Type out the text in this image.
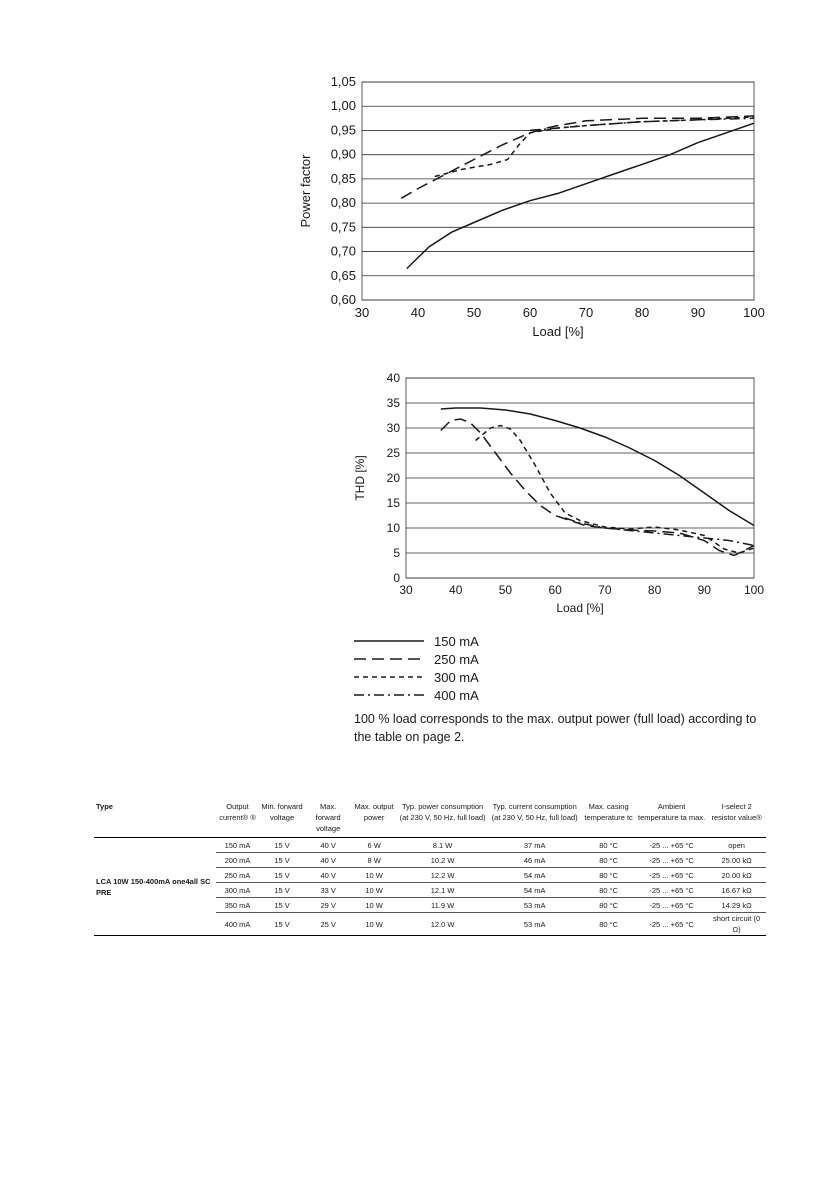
0,60
0,65
0,70
0,75
0,80
0,85
0,90
0,95
1,00
1,05
30	40	50	60	70	80	90	100
Load [%]
Power factor
0
5
10
15
20
25
30
35
40
30	40	50	60	70	80	90	100
Load [%]
THD [%]
150 mA
250 mA
300 mA
400 mA
100 % load corresponds to the max. output power (full load) according to the table on page 2.
Type	Output current® ®	Min. forward voltage	Max. forward voltage	Max. output power	Typ. power consumption (at 230 V, 50 Hz, full load)	Typ. current consumption (at 230 V, 50 Hz, full load)	Max. casing temperature tc	Ambient temperature ta max.	I-select 2 resistor value®
LCA 10W 150-400mA one4all SC PRE	150 mA	15 V	40 V	6 W	8.1 W	37 mA	80 °C	-25 ... +65 °C	open
	200 mA	15 V	40 V	8 W	10.2 W	46 mA	80 °C	-25 ... +65 °C	25.00 kΩ
	250 mA	15 V	40 V	10 W	12.2 W	54 mA	80 °C	-25 ... +65 °C	20.00 kΩ
	300 mA	15 V	33 V	10 W	12.1 W	54 mA	80 °C	-25 ... +65 °C	16.67 kΩ
	350 mA	15 V	29 V	10 W	11.9 W	53 mA	80 °C	-25 ... +65 °C	14.29 kΩ
	400 mA	15 V	25 V	10 W	12.0 W	53 mA	80 °C	-25 ... +65 °C	short circuit (0 Ω)
